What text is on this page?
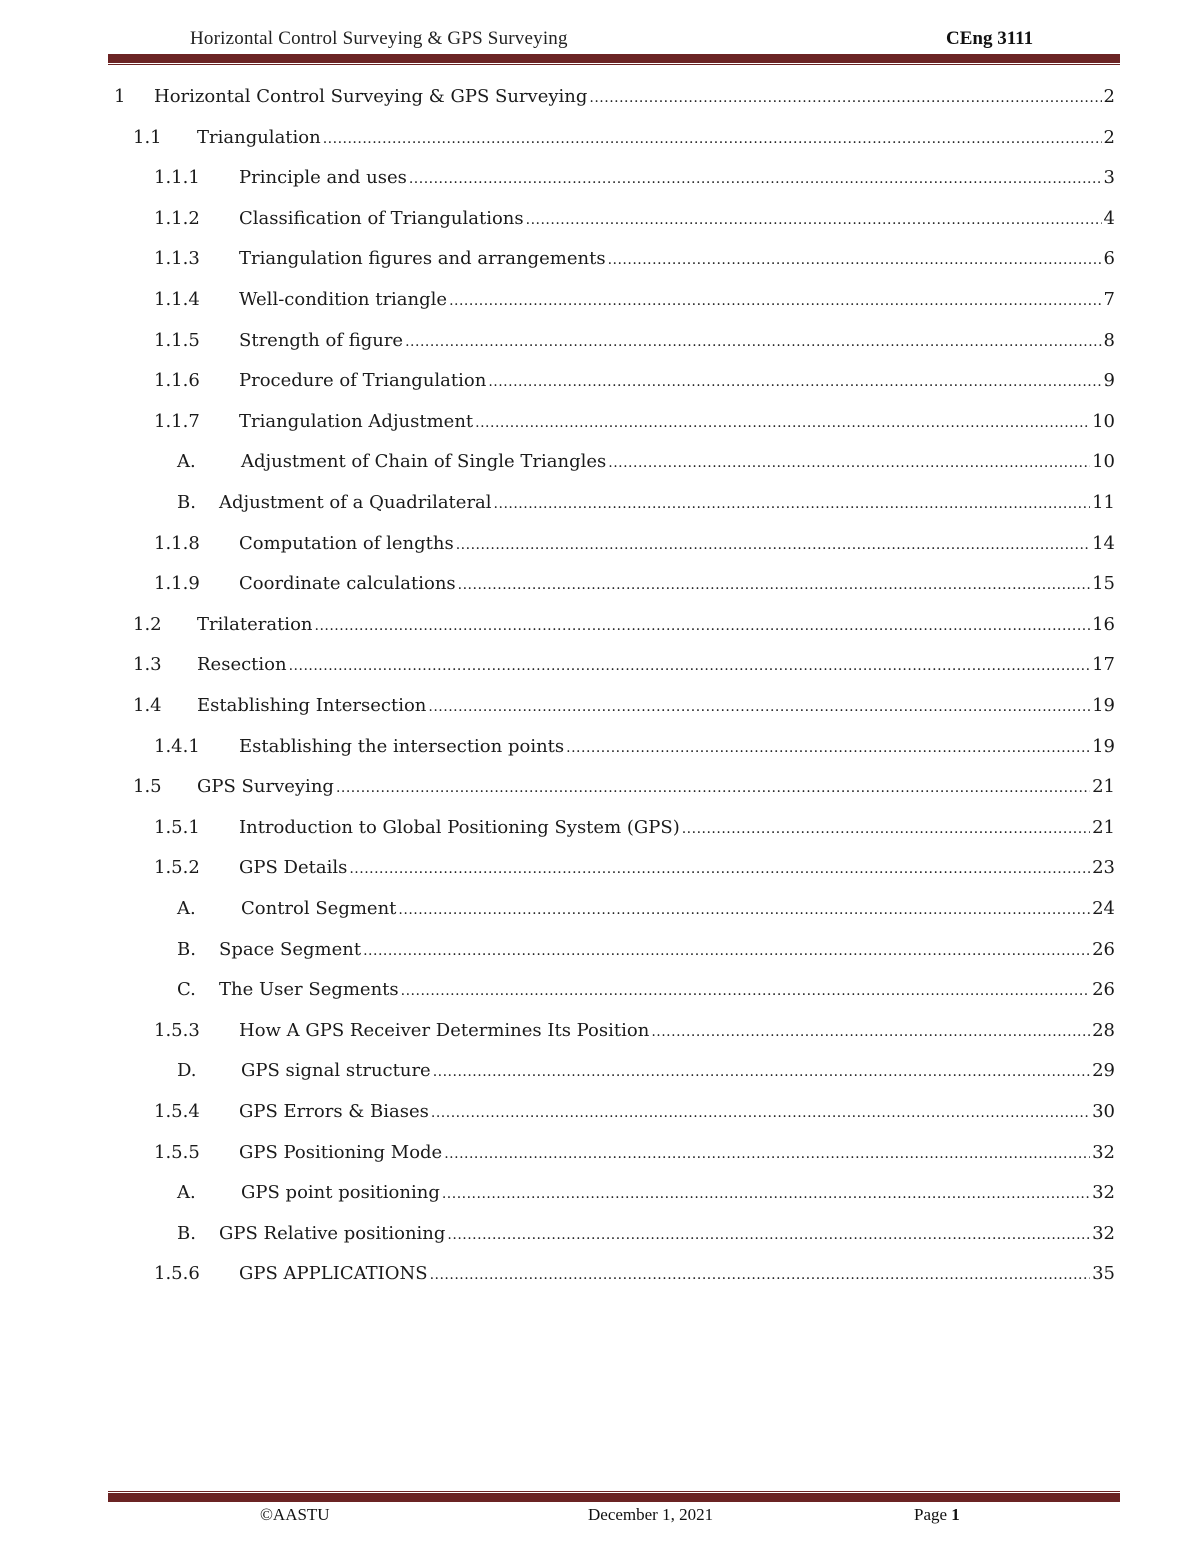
Horizontal Control Surveying & GPS Surveying	CEng 3111
1 Horizontal Control Surveying & GPS Surveying .....	2
1.1 Triangulation .....	2
1.1.1 Principle and uses .....	3
1.1.2 Classification of Triangulations .....	4
1.1.3 Triangulation figures and arrangements .....	6
1.1.4 Well-condition triangle .....	7
1.1.5 Strength of figure .....	8
1.1.6 Procedure of Triangulation .....	9
1.1.7 Triangulation Adjustment .....	10
A.	Adjustment of Chain of Single Triangles .....	10
B. Adjustment of a Quadrilateral .....	11
1.1.8 Computation of lengths .....	14
1.1.9 Coordinate calculations .....	15
1.2 Trilateration .....	16
1.3 Resection .....	17
1.4 Establishing Intersection .....	19
1.4.1 Establishing the intersection points .....	19
1.5 GPS Surveying .....	21
1.5.1 Introduction to Global Positioning System (GPS) .....	21
1.5.2 GPS Details .....	23
A.	Control Segment .....	24
B. Space Segment .....	26
C. The User Segments .....	26
1.5.3 How A GPS Receiver Determines Its Position .....	28
D. GPS signal structure .....	29
1.5.4 GPS Errors & Biases .....	30
1.5.5 GPS Positioning Mode .....	32
A.	GPS point positioning .....	32
B. GPS Relative positioning .....	32
1.5.6 GPS APPLICATIONS .....	35
©AASTU	December 1, 2021	Page 1
